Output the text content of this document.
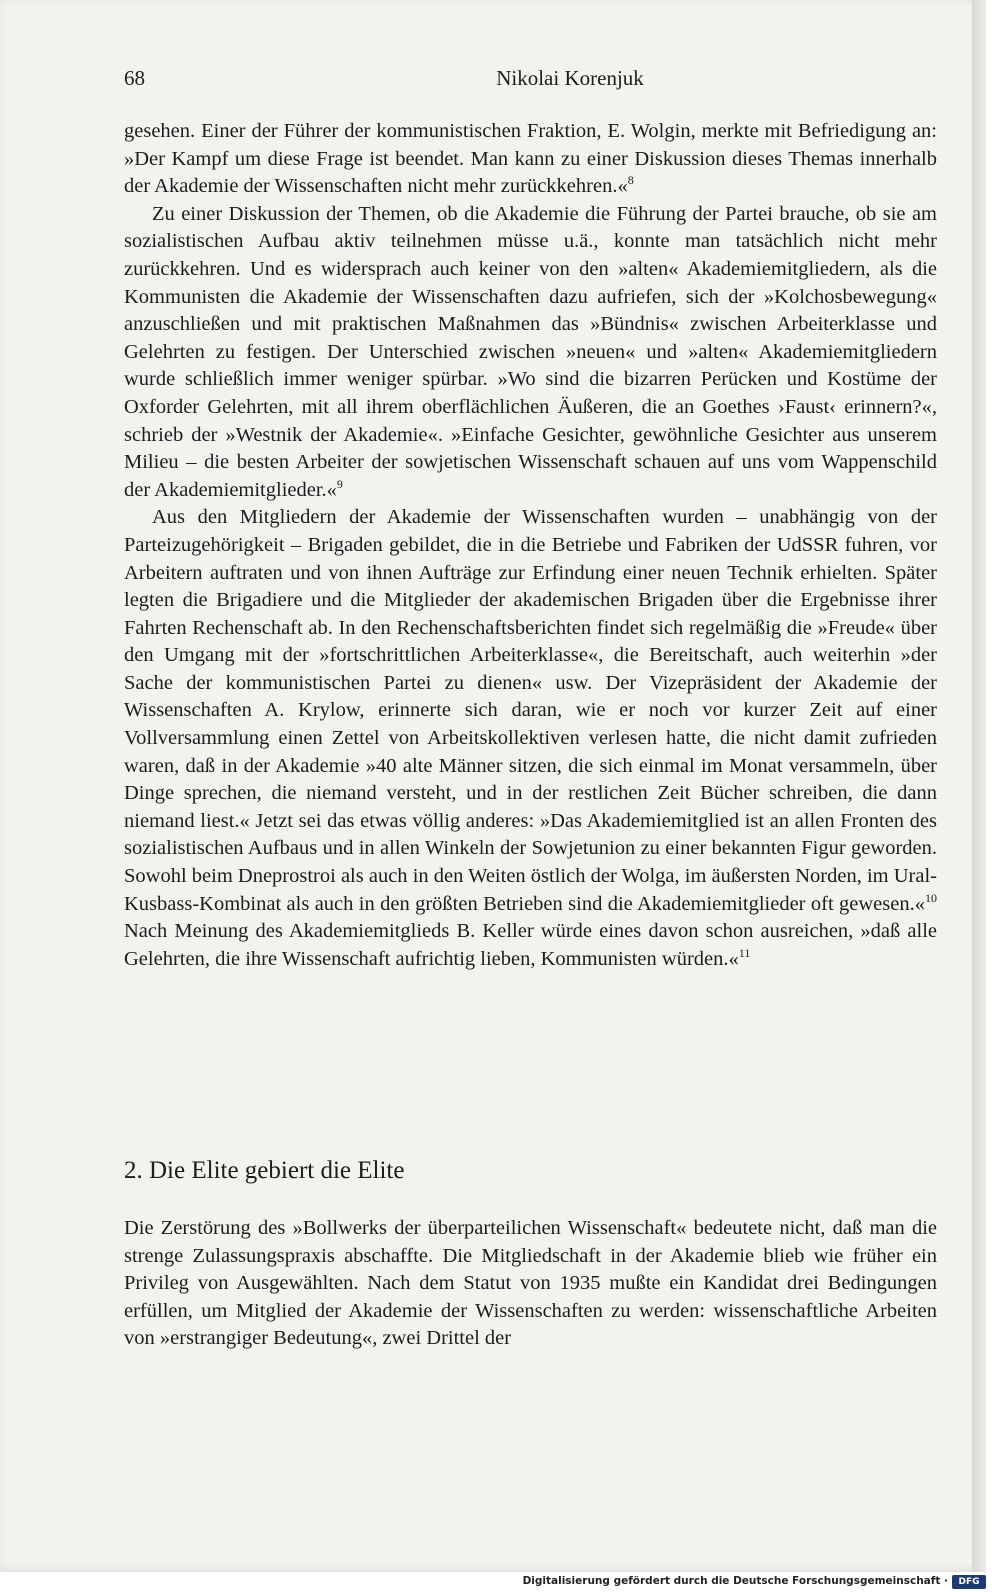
68	Nikolai Korenjuk

gesehen. Einer der Führer der kommunistischen Fraktion, E. Wolgin, merkte mit Befriedigung an: »Der Kampf um diese Frage ist beendet. Man kann zu einer Diskussion dieses Themas innerhalb der Akademie der Wissenschaften nicht mehr zurückkehren.«$^8$

Zu einer Diskussion der Themen, ob die Akademie die Führung der Partei brauche, ob sie am sozialistischen Aufbau aktiv teilnehmen müsse u.ä., konnte man tatsächlich nicht mehr zurückkehren. Und es widersprach auch keiner von den »alten« Akademiemitgliedern, als die Kommunisten die Akademie der Wissenschaften dazu aufriefen, sich der »Kolchosbewegung« anzuschließen und mit praktischen Maßnahmen das »Bündnis« zwischen Arbeiterklasse und Gelehrten zu festigen. Der Unterschied zwischen »neuen« und »alten« Akademiemitgliedern wurde schließlich immer weniger spürbar. »Wo sind die bizarren Perücken und Kostüme der Oxforder Gelehrten, mit all ihrem oberflächlichen Äußeren, die an Goethes ›Faust‹ erinnern?«, schrieb der »Westnik der Akademie«. »Einfache Gesichter, gewöhnliche Gesichter aus unserem Milieu – die besten Arbeiter der sowjetischen Wissenschaft schauen auf uns vom Wappenschild der Akademiemitglieder.«$^9$

Aus den Mitgliedern der Akademie der Wissenschaften wurden – unabhängig von der Parteizugehörigkeit – Brigaden gebildet, die in die Betriebe und Fabriken der UdSSR fuhren, vor Arbeitern auftraten und von ihnen Aufträge zur Erfindung einer neuen Technik erhielten. Später legten die Brigadiere und die Mitglieder der akademischen Brigaden über die Ergebnisse ihrer Fahrten Rechenschaft ab. In den Rechenschaftsberichten findet sich regelmäßig die »Freude« über den Umgang mit der »fortschrittlichen Arbeiterklasse«, die Bereitschaft, auch weiterhin »der Sache der kommunistischen Partei zu dienen« usw. Der Vizepräsident der Akademie der Wissenschaften A. Krylow, erinnerte sich daran, wie er noch vor kurzer Zeit auf einer Vollversammlung einen Zettel von Arbeitskollektiven verlesen hatte, die nicht damit zufrieden waren, daß in der Akademie »40 alte Männer sitzen, die sich einmal im Monat versammeln, über Dinge sprechen, die niemand versteht, und in der restlichen Zeit Bücher schreiben, die dann niemand liest.« Jetzt sei das etwas völlig anderes: »Das Akademiemitglied ist an allen Fronten des sozialistischen Aufbaus und in allen Winkeln der Sowjetunion zu einer bekannten Figur geworden. Sowohl beim Dneprostroi als auch in den Weiten östlich der Wolga, im äußersten Norden, im Ural-Kusbass-Kombinat als auch in den größten Betrieben sind die Akademiemitglieder oft gewesen.«$^{10}$ Nach Meinung des Akademiemitglieds B. Keller würde eines davon schon ausreichen, »daß alle Gelehrten, die ihre Wissenschaft aufrichtig lieben, Kommunisten würden.«$^{11}$

2. Die Elite gebiert die Elite

Die Zerstörung des »Bollwerks der überparteilichen Wissenschaft« bedeutete nicht, daß man die strenge Zulassungspraxis abschaffte. Die Mitgliedschaft in der Akademie blieb wie früher ein Privileg von Ausgewählten. Nach dem Statut von 1935 mußte ein Kandidat drei Bedingungen erfüllen, um Mitglied der Akademie der Wissenschaften zu werden: wissenschaftliche Arbeiten von »erstrangiger Bedeutung«, zwei Drittel der

Digitalisierung gefördert durch die Deutsche Forschungsgemeinschaft ·	DFG
